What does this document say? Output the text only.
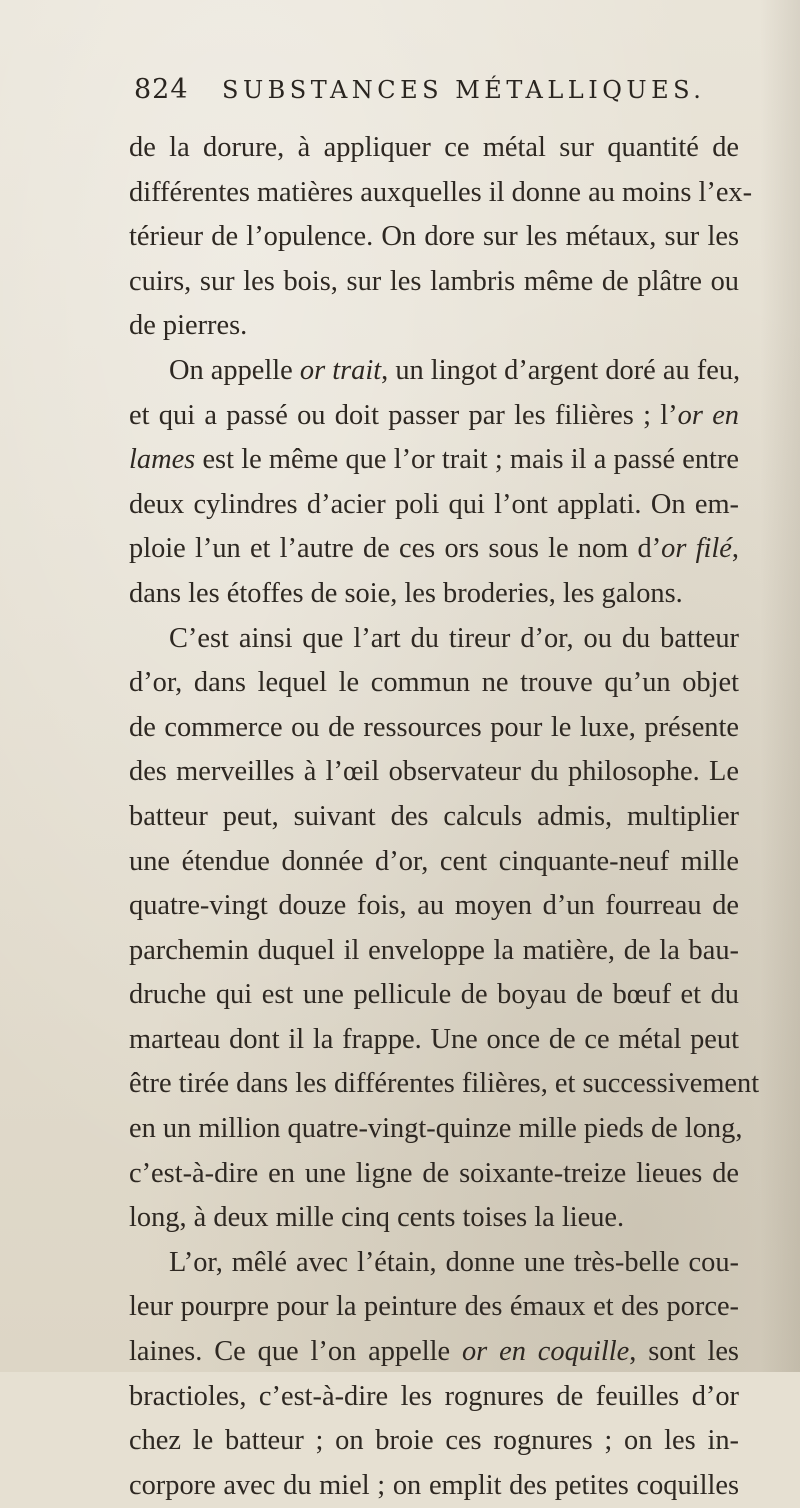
824 SUBSTANCES MÉTALLIQUES.
de la dorure, à appliquer ce métal sur quantité de
différentes matières auxquelles il donne au moins l’ex-
térieur de l’opulence. On dore sur les métaux, sur les
cuirs, sur les bois, sur les lambris même de plâtre ou
de pierres.
On appelle or trait, un lingot d’argent doré au feu,
et qui a passé ou doit passer par les filières ; l’or en
lames est le même que l’or trait ; mais il a passé entre
deux cylindres d’acier poli qui l’ont applati. On em-
ploie l’un et l’autre de ces ors sous le nom d’or filé,
dans les étoffes de soie, les broderies, les galons.
C’est ainsi que l’art du tireur d’or, ou du batteur
d’or, dans lequel le commun ne trouve qu’un objet
de commerce ou de ressources pour le luxe, présente
des merveilles à l’œil observateur du philosophe. Le
batteur peut, suivant des calculs admis, multiplier
une étendue donnée d’or, cent cinquante-neuf mille
quatre-vingt douze fois, au moyen d’un fourreau de
parchemin duquel il enveloppe la matière, de la bau-
druche qui est une pellicule de boyau de bœuf et du
marteau dont il la frappe. Une once de ce métal peut
être tirée dans les différentes filières, et successivement
en un million quatre-vingt-quinze mille pieds de long,
c’est-à-dire en une ligne de soixante-treize lieues de
long, à deux mille cinq cents toises la lieue.
L’or, mêlé avec l’étain, donne une très-belle cou-
leur pourpre pour la peinture des émaux et des porce-
laines. Ce que l’on appelle or en coquille, sont les
bractioles, c’est-à-dire les rognures de feuilles d’or
chez le batteur ; on broie ces rognures ; on les in-
corpore avec du miel ; on emplit des petites coquilles
